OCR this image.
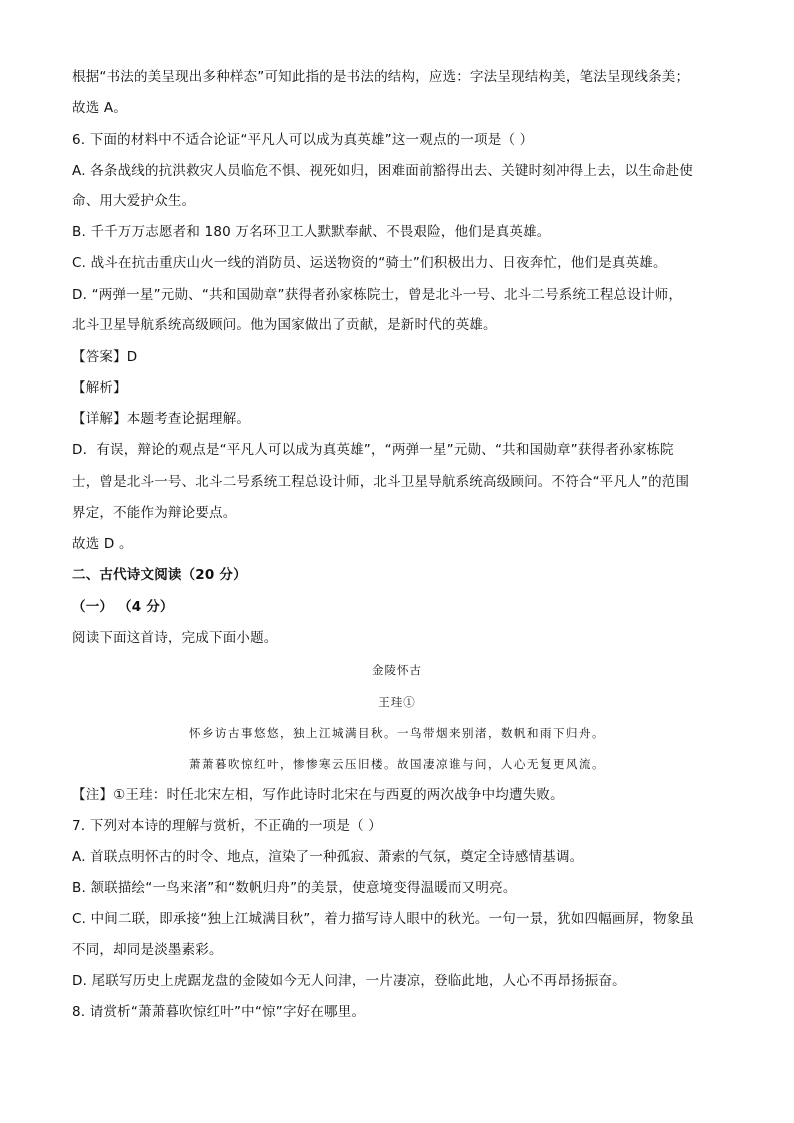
根据“书法的美呈现出多种样态”可知此指的是书法的结构，应选：字法呈现结构美，笔法呈现线条美；
故选 A。
6. 下面的材料中不适合论证“平凡人可以成为真英雄”这一观点的一项是（ ）
A. 各条战线的抗洪救灾人员临危不惧、视死如归，困难面前豁得出去、关键时刻冲得上去，以生命赴使
命、用大爱护众生。
B. 千千万万志愿者和 180 万名环卫工人默默奉献、不畏艰险，他们是真英雄。
C. 战斗在抗击重庆山火一线的消防员、运送物资的“骑士”们积极出力、日夜奔忙，他们是真英雄。
D. “两弹一星”元勋、“共和国勋章”获得者孙家栋院士，曾是北斗一号、北斗二号系统工程总设计师，
北斗卫星导航系统高级顾问。他为国家做出了贡献，是新时代的英雄。
【答案】D
【解析】
【详解】本题考查论据理解。
D．有误，辩论的观点是“平凡人可以成为真英雄”，“两弹一星”元勋、“共和国勋章”获得者孙家栋院
士，曾是北斗一号、北斗二号系统工程总设计师，北斗卫星导航系统高级顾问。不符合“平凡人”的范围
界定，不能作为辩论要点。
故选 D 。
二、古代诗文阅读（20 分）
（一） （4 分）
阅读下面这首诗，完成下面小题。
金陵怀古
王珪①
怀乡访古事悠悠，独上江城满目秋。一鸟带烟来别渚，数帆和雨下归舟。
萧萧暮吹惊红叶，惨惨寒云压旧楼。故国凄凉谁与问，人心无复更风流。
【注】①王珪：时任北宋左相，写作此诗时北宋在与西夏的两次战争中均遭失败。
7. 下列对本诗的理解与赏析，不正确的一项是（ ）
A. 首联点明怀古的时令、地点，渲染了一种孤寂、萧索的气氛，奠定全诗感情基调。
B. 颔联描绘“一鸟来渚”和“数帆归舟”的美景，使意境变得温暖而又明亮。
C. 中间二联，即承接“独上江城满目秋”，着力描写诗人眼中的秋光。一句一景，犹如四幅画屏，物象虽
不同，却同是淡墨素彩。
D. 尾联写历史上虎踞龙盘的金陵如今无人问津，一片凄凉，登临此地，人心不再昂扬振奋。
8. 请赏析“萧萧暮吹惊红叶”中“惊”字好在哪里。
